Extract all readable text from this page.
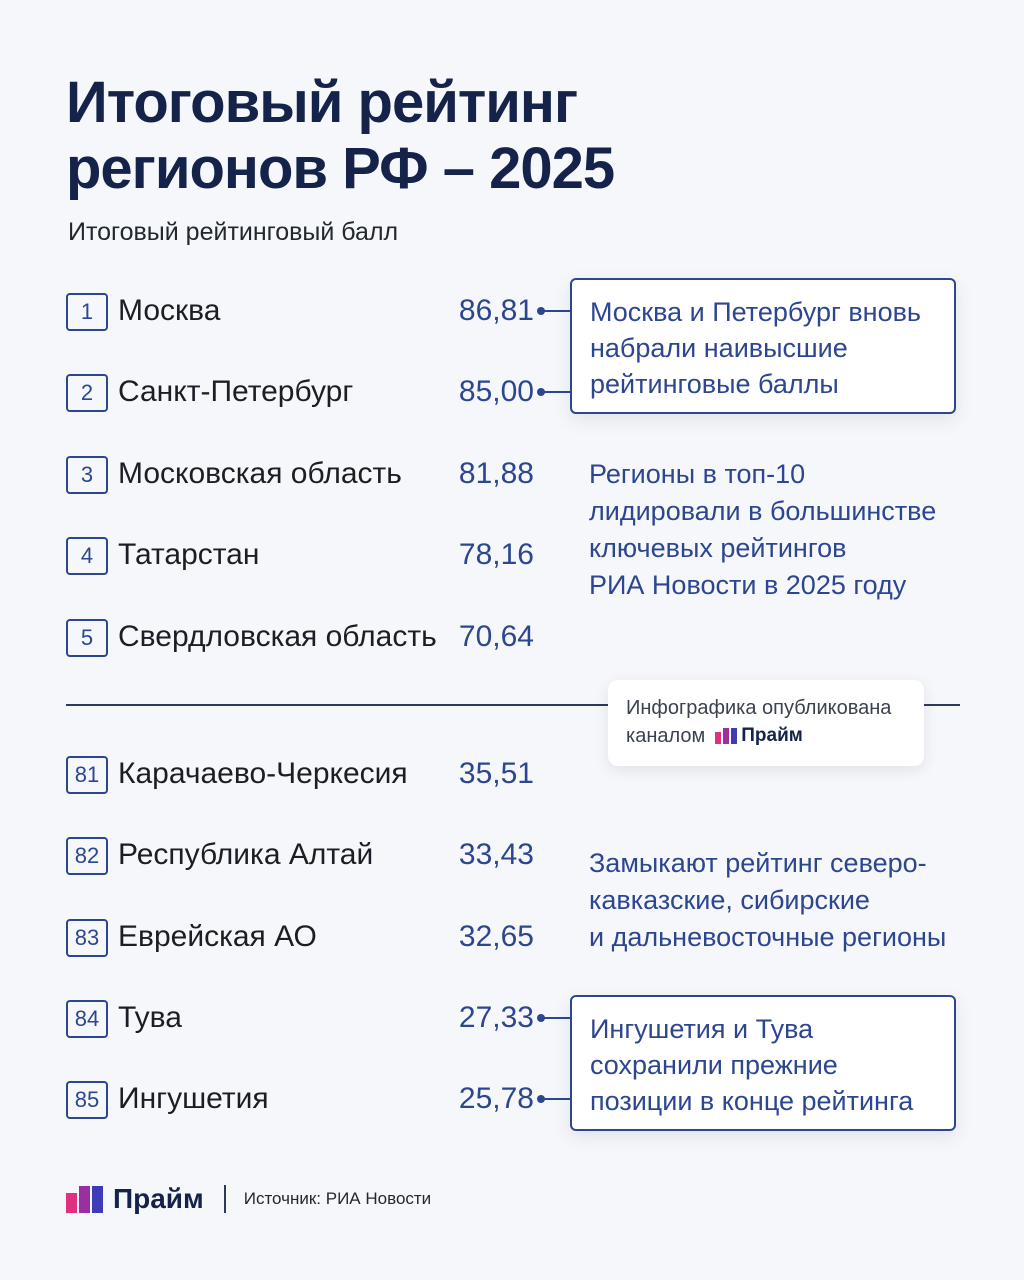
Итоговый рейтинг
регионов РФ – 2025
Итоговый рейтинговый балл
1 Москва	86,81
2 Санкт-Петербург	85,00
3 Московская область 81,88
4 Татарстан	78,16
5 Свердловская область 70,64
Москва и Петербург вновь
набрали наивысшие
рейтинговые баллы
Регионы в топ-10
лидировали в большинстве
ключевых рейтингов
РИА Новости в 2025 году
Инфографика опубликована
каналом Прайм
81 Карачаево-Черкесия 35,51
82 Республика Алтай	33,43
83 Еврейская АО	32,65
84 Тува	27,33
85 Ингушетия	25,78
Замыкают рейтинг северо-
кавказские, сибирские
и дальневосточные регионы
Ингушетия и Тува
сохранили прежние
позиции в конце рейтинга
Прайм Источник: РИА Новости
